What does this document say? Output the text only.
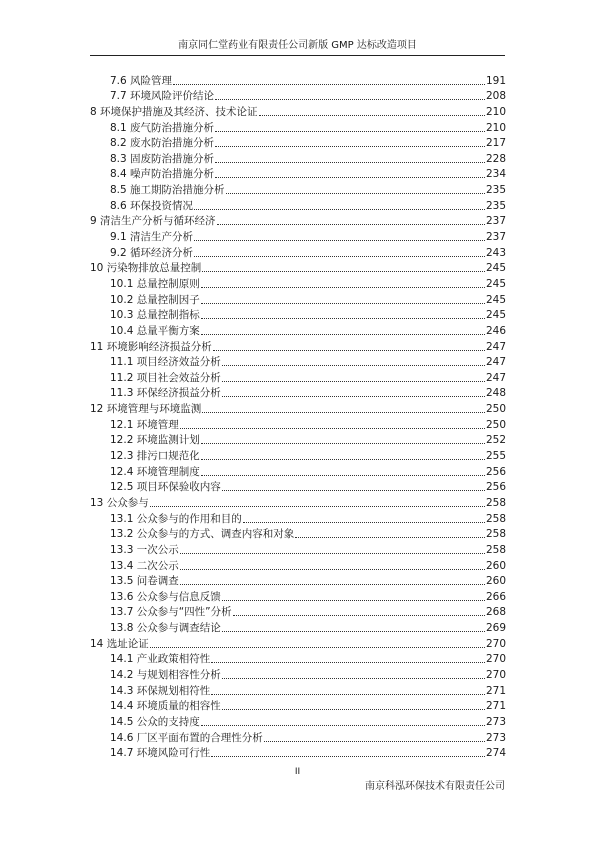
南京同仁堂药业有限责任公司新版 GMP 达标改造项目
7.6 风险管理	191
7.7 环境风险评价结论	208
8 环境保护措施及其经济、技术论证	210
8.1 废气防治措施分析	210
8.2 废水防治措施分析	217
8.3 固废防治措施分析	228
8.4 噪声防治措施分析	234
8.5 施工期防治措施分析	235
8.6 环保投资情况	235
9 清洁生产分析与循环经济	237
9.1 清洁生产分析	237
9.2 循环经济分析	243
10 污染物排放总量控制	245
10.1 总量控制原则	245
10.2 总量控制因子	245
10.3 总量控制指标	245
10.4 总量平衡方案	246
11 环境影响经济损益分析	247
11.1 项目经济效益分析	247
11.2 项目社会效益分析	247
11.3 环保经济损益分析	248
12 环境管理与环境监测	250
12.1 环境管理	250
12.2 环境监测计划	252
12.3 排污口规范化	255
12.4 环境管理制度	256
12.5 项目环保验收内容	256
13 公众参与	258
13.1 公众参与的作用和目的	258
13.2 公众参与的方式、调查内容和对象	258
13.3 一次公示	258
13.4 二次公示	260
13.5 问卷调查	260
13.6 公众参与信息反馈	266
13.7 公众参与“四性”分析	268
13.8 公众参与调查结论	269
14 选址论证	270
14.1 产业政策相符性	270
14.2 与规划相容性分析	270
14.3 环保规划相符性	271
14.4 环境质量的相容性	271
14.5 公众的支持度	273
14.6 厂区平面布置的合理性分析	273
14.7 环境风险可行性	274
II
南京科泓环保技术有限责任公司
